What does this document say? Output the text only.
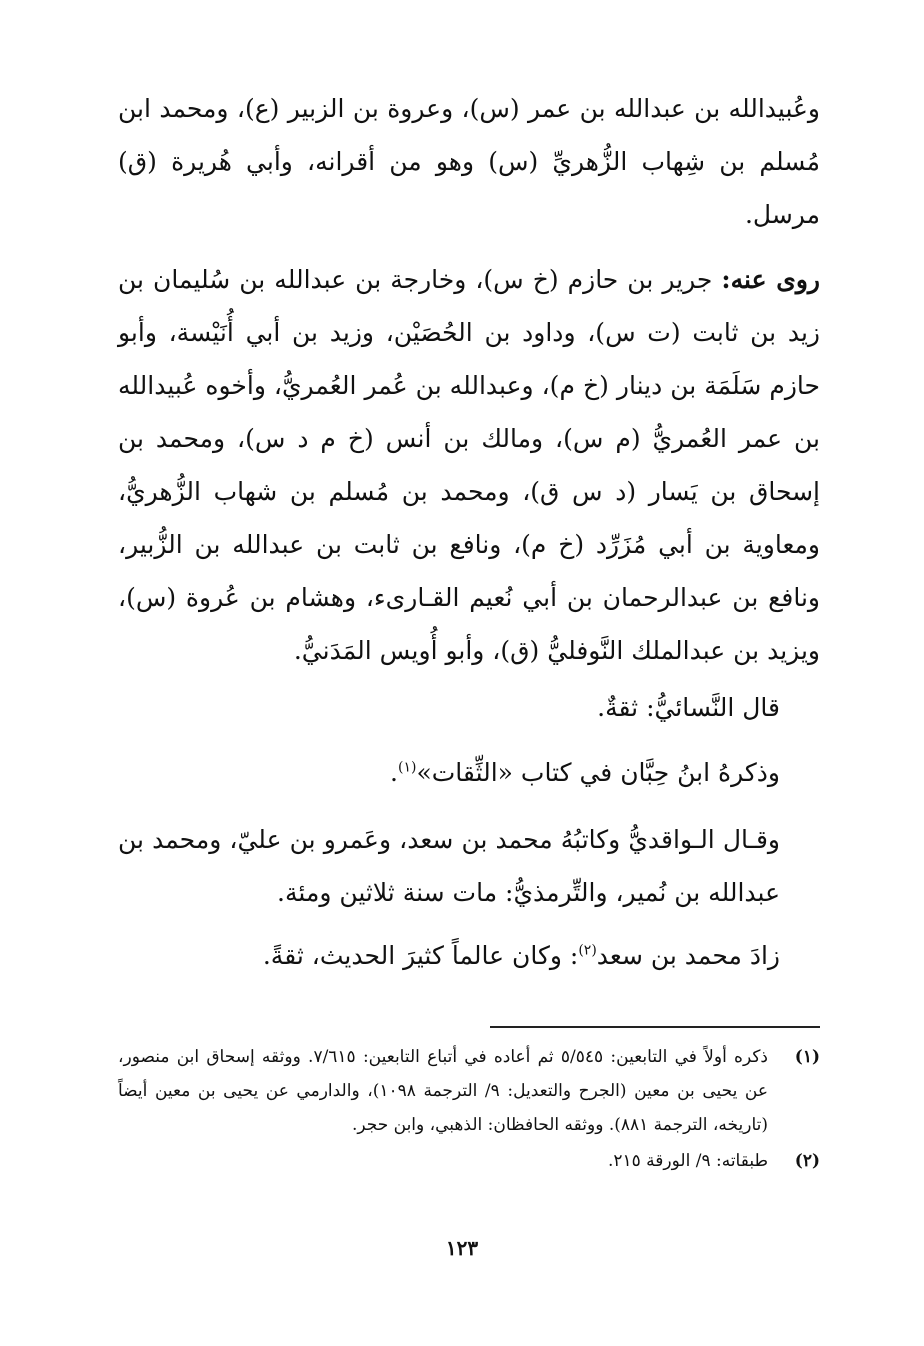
وعُبيدالله بن عبدالله بن عمر (س)، وعروة بن الزبير (ع)، ومحمد ابن مُسلم بن شِهاب الزُّهريِّ (س) وهو من أقرانه، وأبي هُريرة (ق) مرسل.

روى عنه: جرير بن حازم (خ س)، وخارجة بن عبدالله بن سُليمان بن زيد بن ثابت (ت س)، وداود بن الحُصَيْن، وزيد بن أبي أُنَيْسة، وأبو حازم سَلَمَة بن دينار (خ م)، وعبدالله بن عُمر العُمريُّ، وأخوه عُبيدالله بن عمر العُمريُّ (م س)، ومالك بن أنس (خ م د س)، ومحمد بن إسحاق بن يَسار (د س ق)، ومحمد بن مُسلم بن شهاب الزُّهريُّ، ومعاوية بن أبي مُزَرِّد (خ م)، ونافع بن ثابت بن عبدالله بن الزُّبير، ونافع بن عبدالرحمان بن أبي نُعيم القـارىء، وهشام بن عُروة (س)، ويزيد بن عبدالملك النَّوفليُّ (ق)، وأبو أُويس المَدَنيُّ.

قال النَّسائيُّ: ثقةٌ.

وذكرهُ ابنُ حِبَّان في كتاب «الثِّقات»$^{(١)}$.

وقـال الـواقديُّ وكاتبُهُ محمد بن سعد، وعَمرو بن عليّ، ومحمد بن عبدالله بن نُمير، والتِّرمذيُّ: مات سنة ثلاثين ومئة.

زادَ محمد بن سعد$^{(٢)}$: وكان عالماً كثيرَ الحديث، ثقةً.

(١)
ذكره أولاً في التابعين: ٥/٥٤٥ ثم أعاده في أتباع التابعين: ٧/٦١٥. ووثقه إسحاق ابن منصور، عن يحيى بن معين (الجرح والتعديل: ٩/ الترجمة ١٠٩٨)، والدارمي عن يحيى بن معين أيضاً (تاريخه، الترجمة ٨٨١). ووثقه الحافظان: الذهبي، وابن حجر.
(٢)
طبقاته: ٩/ الورقة ٢١٥.
١٢٣
